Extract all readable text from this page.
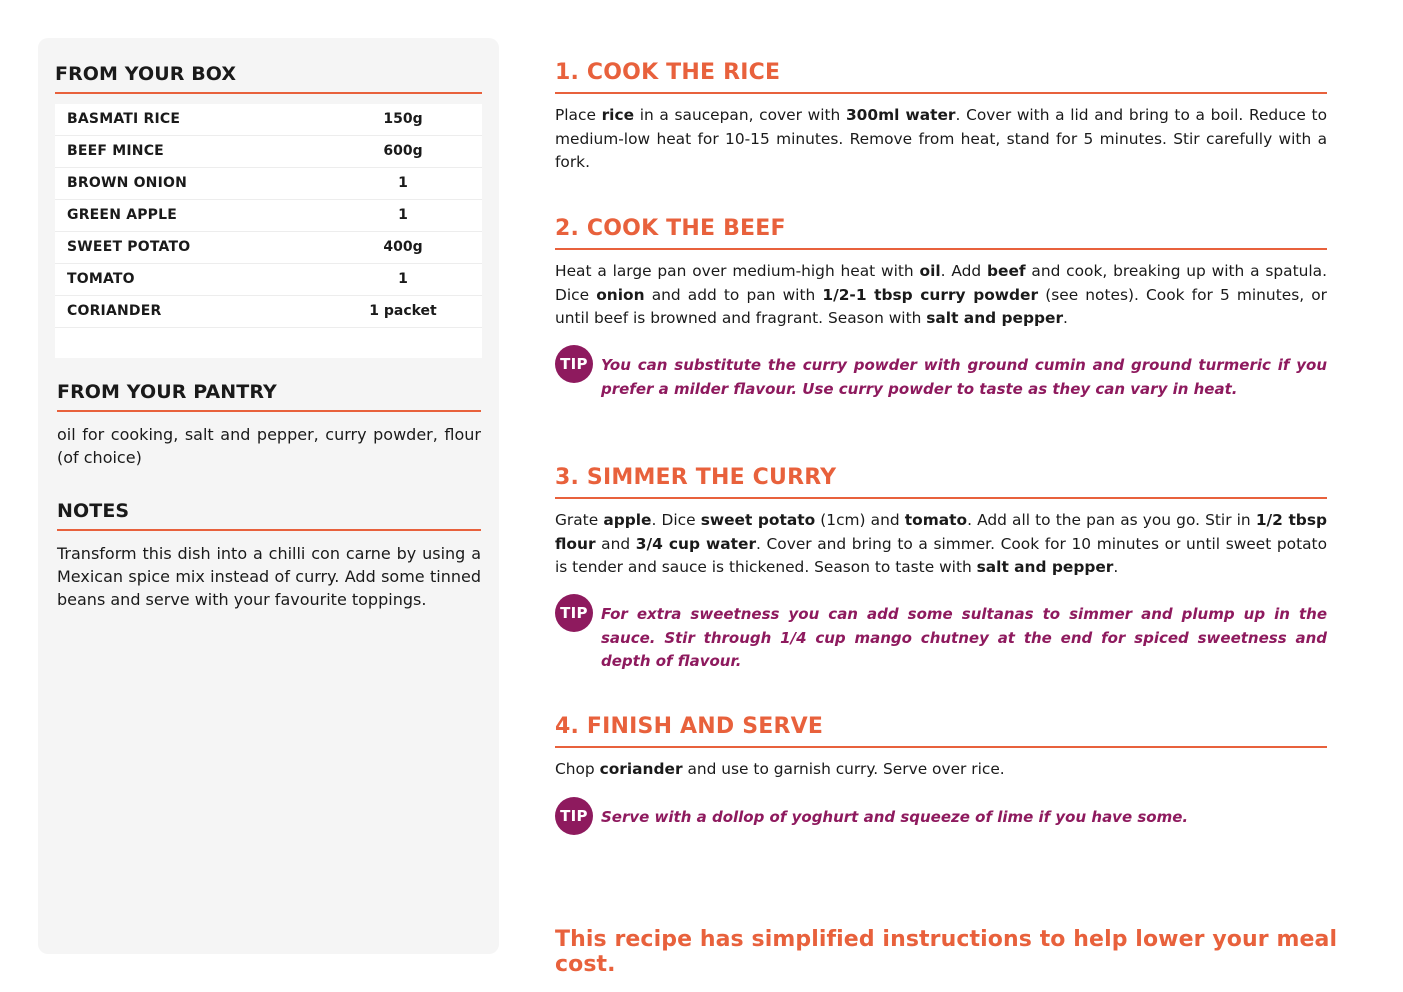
FROM YOUR BOX
BASMATI RICE	150g
BEEF MINCE	600g
BROWN ONION	1
GREEN APPLE	1
SWEET POTATO	400g
TOMATO	1
CORIANDER	1 packet
FROM YOUR PANTRY
oil for cooking, salt and pepper, curry powder, flour (of choice)
NOTES
Transform this dish into a chilli con carne by using a Mexican spice mix instead of curry. Add some tinned beans and serve with your favourite toppings.
1. COOK THE RICE
Place rice in a saucepan, cover with 300ml water. Cover with a lid and bring to a boil. Reduce to medium-low heat for 10-15 minutes. Remove from heat, stand for 5 minutes. Stir carefully with a fork.
2. COOK THE BEEF
Heat a large pan over medium-high heat with oil. Add beef and cook, breaking up with a spatula. Dice onion and add to pan with 1/2-1 tbsp curry powder (see notes). Cook for 5 minutes, or until beef is browned and fragrant. Season with salt and pepper.
TIP You can substitute the curry powder with ground cumin and ground turmeric if you prefer a milder flavour. Use curry powder to taste as they can vary in heat.
3. SIMMER THE CURRY
Grate apple. Dice sweet potato (1cm) and tomato. Add all to the pan as you go. Stir in 1/2 tbsp flour and 3/4 cup water. Cover and bring to a simmer. Cook for 10 minutes or until sweet potato is tender and sauce is thickened. Season to taste with salt and pepper.
TIP For extra sweetness you can add some sultanas to simmer and plump up in the sauce. Stir through 1/4 cup mango chutney at the end for spiced sweetness and depth of flavour.
4. FINISH AND SERVE
Chop coriander and use to garnish curry. Serve over rice.
TIP Serve with a dollop of yoghurt and squeeze of lime if you have some.
This recipe has simplified instructions to help lower your meal cost.
